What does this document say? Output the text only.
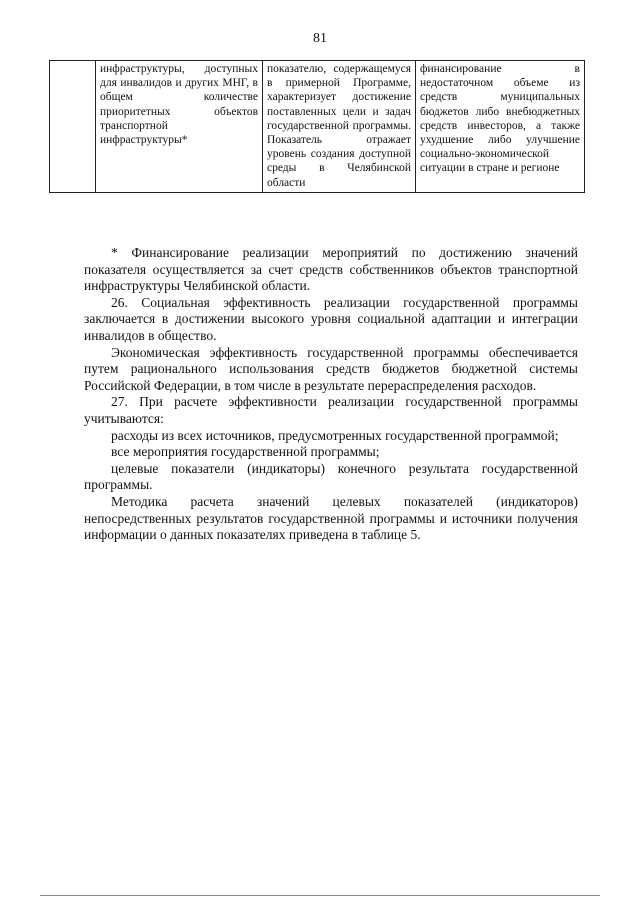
81
	инфраструктуры, доступных для инвалидов и других МНГ, в общем количестве приоритетных объектов транспортной инфраструктуры*	показателю, содержащемуся в примерной Программе, характеризует достижение поставленных цели и задач государственной программы. Показатель отражает уровень создания доступной среды в Челябинской области	финансирование в недостаточном объеме из средств муниципальных бюджетов либо внебюджетных средств инвесторов, а также ухудшение либо улучшение социально-экономической ситуации в стране и регионе

* Финансирование реализации мероприятий по достижению значений показателя осуществляется за счет средств собственников объектов транспортной инфраструктуры Челябинской области.

26. Социальная эффективность реализации государственной программы заключается в достижении высокого уровня социальной адаптации и интеграции инвалидов в общество.

Экономическая эффективность государственной программы обеспечивается путем рационального использования средств бюджетов бюджетной системы Российской Федерации, в том числе в результате перераспределения расходов.

27. При расчете эффективности реализации государственной программы учитываются:

расходы из всех источников, предусмотренных государственной программой;

все мероприятия государственной программы;

целевые показатели (индикаторы) конечного результата государственной программы.

Методика расчета значений целевых показателей (индикаторов) непосредственных результатов государственной программы и источники получения информации о данных показателях приведена в таблице 5.
